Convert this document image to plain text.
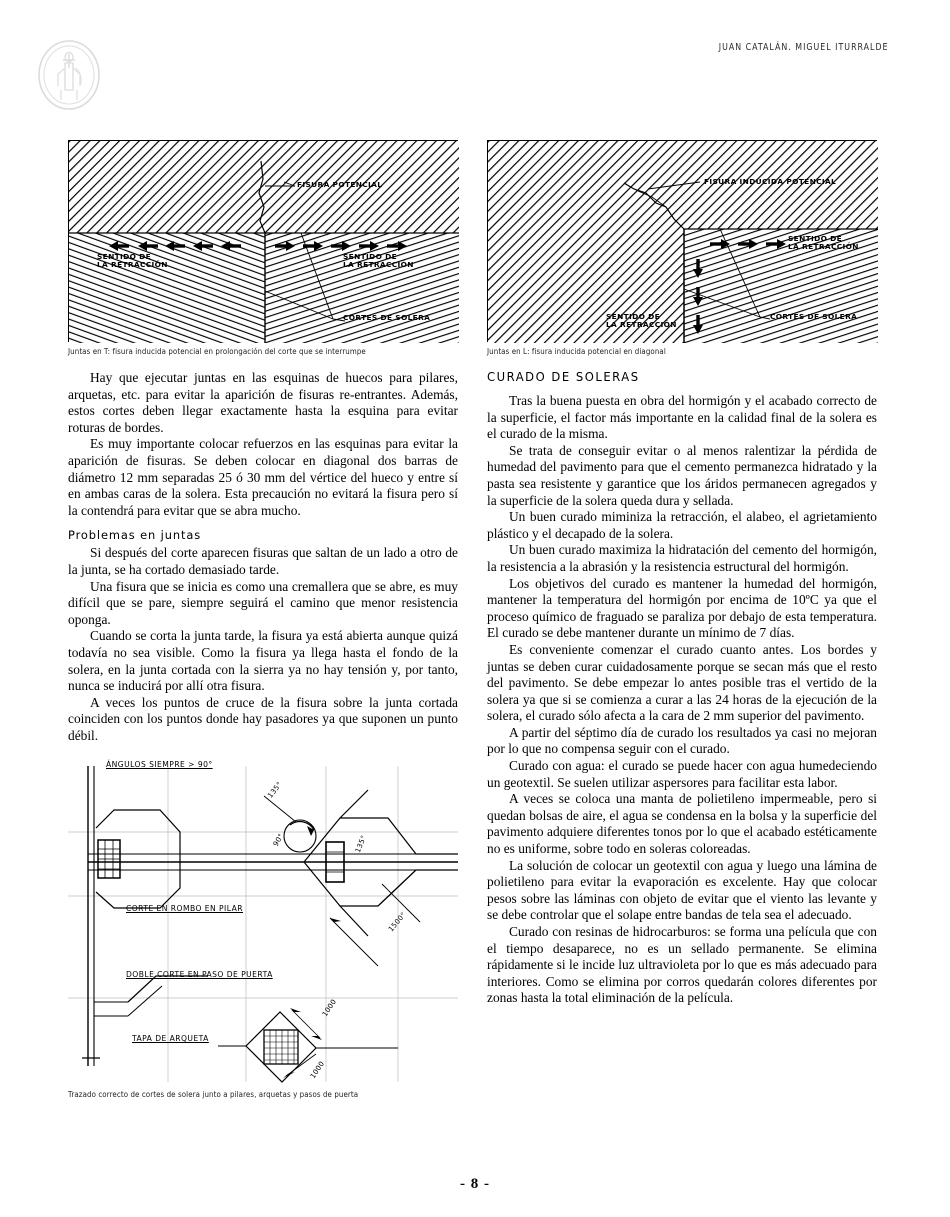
· · · · ·
· · · · ·
JUAN CATALÁN. MIGUEL ITURRALDE
FISURA POTENCIAL
SENTIDO DE
LA RETRACCIÓN
SENTIDO DE
LA RETRACCIÓN
CORTES DE SOLERA
Juntas en T: fisura inducida potencial en prolongación del corte que se interrumpe

Hay que ejecutar juntas en las esquinas de huecos para pilares, arquetas, etc. para evitar la aparición de fisuras re-entrantes. Además, estos cortes deben llegar exactamente hasta la esquina para evitar roturas de bordes.

Es muy importante colocar refuerzos en las esquinas para evitar la aparición de fisuras. Se deben colocar en diagonal dos barras de diámetro 12 mm separadas 25 ó 30 mm del vértice del hueco y entre sí en ambas caras de la solera. Esta precaución no evitará la fisura pero sí la contendrá para evitar que se abra mucho.

Problemas en juntas

Si después del corte aparecen fisuras que saltan de un lado a otro de la junta, se ha cortado demasiado tarde.

Una fisura que se inicia es como una cremallera que se abre, es muy difícil que se pare, siempre seguirá el camino que menor resistencia oponga.

Cuando se corta la junta tarde, la fisura ya está abierta aunque quizá todavía no sea visible. Como la fisura ya llega hasta el fondo de la solera, en la junta cortada con la sierra ya no hay tensión y, por tanto, nunca se inducirá por allí otra fisura.

A veces los puntos de cruce de la fisura sobre la junta cortada coinciden con los puntos donde hay pasadores ya que suponen un punto débil.

ÁNGULOS SIEMPRE > 90°
135°
90°	135°
1500°
CORTE EN ROMBO EN PILAR
DOBLE CORTE EN PASO DE PUERTA
TAPA DE ARQUETA
1000
1000
Trazado correcto de cortes de solera junto a pilares, arquetas y pasos de puerta
FISURA INDUCIDA POTENCIAL
SENTIDO DE
LA RETRACCIÓN
SENTIDO DE
LA RETRACCIÓN
CORTES DE SOLERA
Juntas en L: fisura inducida potencial en diagonal
CURADO DE SOLERAS

Tras la buena puesta en obra del hormigón y el acabado correcto de la superficie, el factor más importante en la calidad final de la solera es el curado de la misma.

Se trata de conseguir evitar o al menos ralentizar la pérdida de humedad del pavimento para que el cemento permanezca hidratado y la pasta sea resistente y garantice que los áridos permanecen agregados y la superficie de la solera queda dura y sellada.

Un buen curado miminiza la retracción, el alabeo, el agrietamiento plástico y el decapado de la solera.

Un buen curado maximiza la hidratación del cemento del hormigón, la resistencia a la abrasión y la resistencia estructural del hormigón.

Los objetivos del curado es mantener la humedad del hormigón, mantener la temperatura del hormigón por encima de 10ºC ya que el proceso químico de fraguado se paraliza por debajo de esta temperatura. El curado se debe mantener durante un mínimo de 7 días.

Es conveniente comenzar el curado cuanto antes. Los bordes y juntas se deben curar cuidadosamente porque se secan más que el resto del pavimento. Se debe empezar lo antes posible tras el vertido de la solera ya que si se comienza a curar a las 24 horas de la ejecución de la solera, el curado sólo afecta a la cara de 2 mm superior del pavimento.

A partir del séptimo día de curado los resultados ya casi no mejoran por lo que no compensa seguir con el curado.

Curado con agua: el curado se puede hacer con agua humedeciendo un geotextil. Se suelen utilizar aspersores para facilitar esta labor.

A veces se coloca una manta de polietileno impermeable, pero si quedan bolsas de aire, el agua se condensa en la bolsa y la superficie del pavimento adquiere diferentes tonos por lo que el acabado estéticamente no es uniforme, sobre todo en soleras coloreadas.

La solución de colocar un geotextil con agua y luego una lámina de polietileno para evitar la evaporación es excelente. Hay que colocar pesos sobre las láminas con objeto de evitar que el viento las levante y se debe controlar que el solape entre bandas de tela sea el adecuado.

Curado con resinas de hidrocarburos: se forma una película que con el tiempo desaparece, no es un sellado permanente. Se elimina rápidamente si le incide luz ultravioleta por lo que es más adecuado para interiores. Como se elimina por corros quedarán colores diferentes por zonas hasta la total eliminación de la película.

- 8 -
